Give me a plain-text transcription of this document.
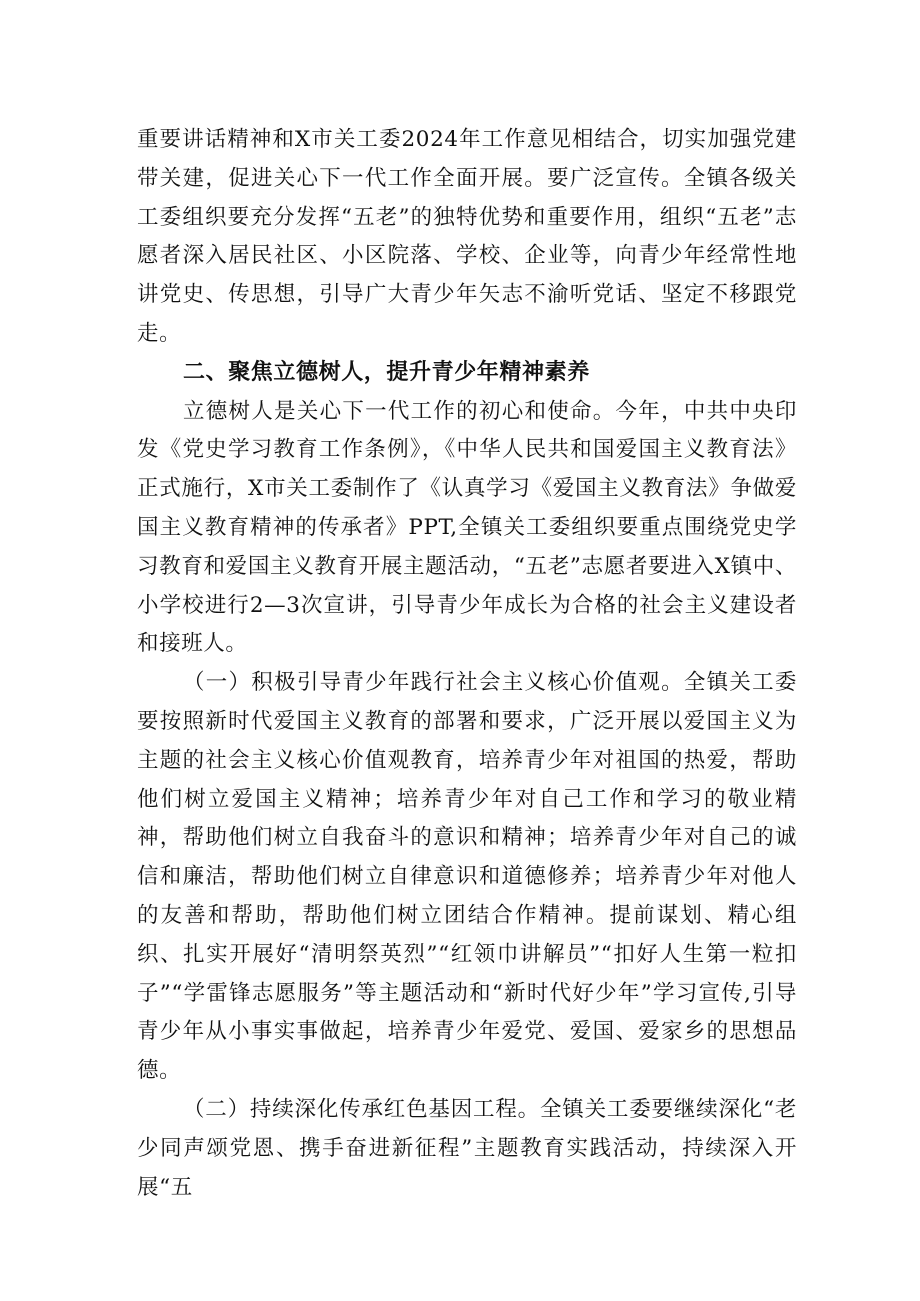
重要讲话精神和X市关工委2024年工作意见相结合，切实加强党建带关建，促进关心下一代工作全面开展。要广泛宣传。全镇各级关工委组织要充分发挥“五老”的独特优势和重要作用，组织“五老”志愿者深入居民社区、小区院落、学校、企业等，向青少年经常性地讲党史、传思想，引导广大青少年矢志不渝听党话、坚定不移跟党走。

二、聚焦立德树人，提升青少年精神素养

立德树人是关心下一代工作的初心和使命。今年，中共中央印发《党史学习教育工作条例》，《中华人民共和国爱国主义教育法》正式施行，X市关工委制作了《认真学习《爱国主义教育法》争做爱国主义教育精神的传承者》PPT,全镇关工委组织要重点围绕党史学习教育和爱国主义教育开展主题活动，“五老”志愿者要进入X镇中、小学校进行2—3次宣讲，引导青少年成长为合格的社会主义建设者和接班人。

（一）积极引导青少年践行社会主义核心价值观。全镇关工委要按照新时代爱国主义教育的部署和要求，广泛开展以爱国主义为主题的社会主义核心价值观教育，培养青少年对祖国的热爱，帮助他们树立爱国主义精神；培养青少年对自己工作和学习的敬业精神，帮助他们树立自我奋斗的意识和精神；培养青少年对自己的诚信和廉洁，帮助他们树立自律意识和道德修养；培养青少年对他人的友善和帮助，帮助他们树立团结合作精神。提前谋划、精心组织、扎实开展好“清明祭英烈”“红领巾讲解员”“扣好人生第一粒扣子”“学雷锋志愿服务”等主题活动和“新时代好少年”学习宣传,引导青少年从小事实事做起，培养青少年爱党、爱国、爱家乡的思想品德。

（二）持续深化传承红色基因工程。全镇关工委要继续深化“老少同声颂党恩、携手奋进新征程”主题教育实践活动，持续深入开展“五
